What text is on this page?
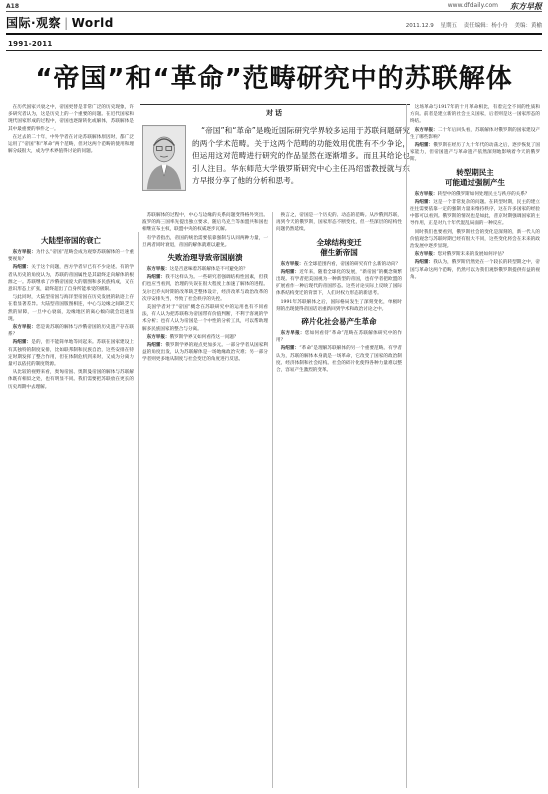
A18	www.dfdaily.com 东方早报
国际·观察 | World	2011.12.9 星期五 责任编辑：杨小舟 美编：黄榆
1991-2011
“帝国”和“革命”范畴研究中的苏联解体

在历代国家兴衰之中，帝国更替是非常广泛的历史现象，许多研究者认为，这是历史上的一个重要的问题。在近代国家和现代国家形成的过程中，帝国也逐渐转化或解体，苏联解体是其中最重要的事件之一。

在过去的二十年，中外学者在讨论苏联解体原因时，都广泛运用了“帝国”和“革命”两个范畴，但对这两个范畴的使用和理解分歧很大，成为学术界值得讨论的问题。

对话
“帝国”和“革命”是晚近国际研究学界较多运用于苏联问题研究的两个学术范畴。关于这两个范畴的功能效用优胜有不少争论，但运用这对范畴进行研究的作品显然在逐渐增多。而且其给论也引人注目。华东师范大学俄罗斯研究中心主任冯绍雷教授就与东方早报分享了他的分析和思考。
大陆型帝国的衰亡

东方早报：为什么“帝国”范畴会成为观察苏联解体的一个重要视角？

冯绍雷：关于这个问题，西方学者早已有不少论述。有的学者从历史的角度认为，苏联的帝国属性是其最终走向解体的根源之一。苏联继承了沙俄帝国庞大的版图和多民族构成，又在意识形态上扩张，最终超出了自身所能承受的极限。

与此同时，大陆型帝国与海洋型帝国在历史发展的轨迹上存在着显著差异。大陆型帝国版图相连，中心与边缘之间缺乏天然的屏障，一旦中心衰弱，边缘地区的离心倾向就会迅速显现。

东方早报：您是说苏联的解体与沙俄帝国的历史遗产存在联系？

冯绍雷：是的，但不能简单地等同起来。苏联在国家建设上有其独特的制度安排，比如联邦制和民族自治，这些安排在特定时期发挥了整合作用，但在体制危机到来时，又成为分离力量可以依托的制度资源。

从比较的视野来看，奥匈帝国、奥斯曼帝国的解体与苏联解体既有相似之处，也有明显不同。我们需要把苏联放在更长的历史周期中去理解。

苏联解体的过程中，中心与边缘的关系问题变得格外突出。波罗的海三国率先提出独立要求，随后乌克兰等加盟共和国也相继宣布主权，联盟中央的权威逐步瓦解。

有学者指出，帝国的统治需要依靠强制与认同两种力量，一旦两者同时衰退，帝国的解体就难以避免。

失败治理导致帝国崩溃

东方早报：这是否意味着苏联解体是不可避免的？

冯绍雷：我不这样认为。一些研究者强调结构性因素，但我们也应当看到，治理的失误在很大程度上加速了解体的进程。戈尔巴乔夫时期的改革缺乏整体设计，经济改革与政治改革的次序安排失当，导致了社会秩序的失控。

美国学者对于“帝国”概念在苏联研究中的运用也有不同看法，有人认为把苏联称为帝国带有价值判断，不利于客观的学术分析；也有人认为帝国是一个中性的分析工具，可以帮助理解多民族国家的整合与分离。

东方早报：俄罗斯学界又如何看待这一问题？

冯绍雷：俄罗斯学界的观点更加多元。一部分学者从国家利益的角度出发，认为苏联解体是一场地缘政治灾难；另一部分学者则更多地从制度与社会变迁的角度进行反思。

换言之，帝国是一个历史的、动态的范畴。从沙俄到苏联，再到今天的俄罗斯，国家形态不断变化，但一些深层的结构性问题仍然延续。

全球结构变迁
催生新帝国

东方早报：在全球范围内看，帝国的研究有什么新的动向？

冯绍雷：近年来，随着全球化的发展，“新帝国”的概念频繁出现。有学者把美国视为一种新型的帝国，也有学者把欧盟的扩展看作一种后现代的帝国形态。这些讨论实际上反映了国际体系结构变迁的背景下，人们对权力形态的新思考。

1991年苏联解体之后，国际格局发生了深刻变化，单极时刻的出现使得帝国话语重新回到学术和政治讨论之中。

碎片化社会易产生革命

东方早报：您如何看待“革命”范畴在苏联解体研究中的作用？

冯绍雷：“革命”是理解苏联解体的另一个重要范畴。有学者认为，苏联的解体本身就是一场革命，它改变了国家的政治制度、经济体制和社会结构。社会的碎片化使得各种力量难以整合，容易产生激烈的变革。

这场革命与1917年的十月革命相比，有着完全不同的性质和方向。前者是建立新的社会主义国家，后者则是这一国家形态的终结。

东方早报：二十年后回头看，苏联解体对俄罗斯的国家建设产生了哪些影响？

冯绍雷：俄罗斯在经历了九十年代的动荡之后，逐步恢复了国家能力，但帝国遗产与革命遗产依然深刻地影响着今天的俄罗斯。

转型期民主
可能通过强制产生

东方早报：转型中的俄罗斯如何处理民主与秩序的关系？

冯绍雷：这是一个非常复杂的问题。在转型时期，民主的建立往往需要依靠一定的强制力量来维持秩序，这在许多国家的经验中都可以看到。俄罗斯的情况也是如此，普京时期强调国家的主导作用，正是对九十年代混乱局面的一种反应。

同时我们也要看到，俄罗斯社会的变化是深刻的，新一代人的价值观念与苏联时期已经有很大不同，这些变化将会在未来的政治发展中逐步显现。

东方早报：您对俄罗斯未来的发展如何评估？

冯绍雷：我认为，俄罗斯仍然处在一个较长的转型期之中，帝国与革命这两个范畴，仍然可以为我们观察俄罗斯提供有益的视角。
